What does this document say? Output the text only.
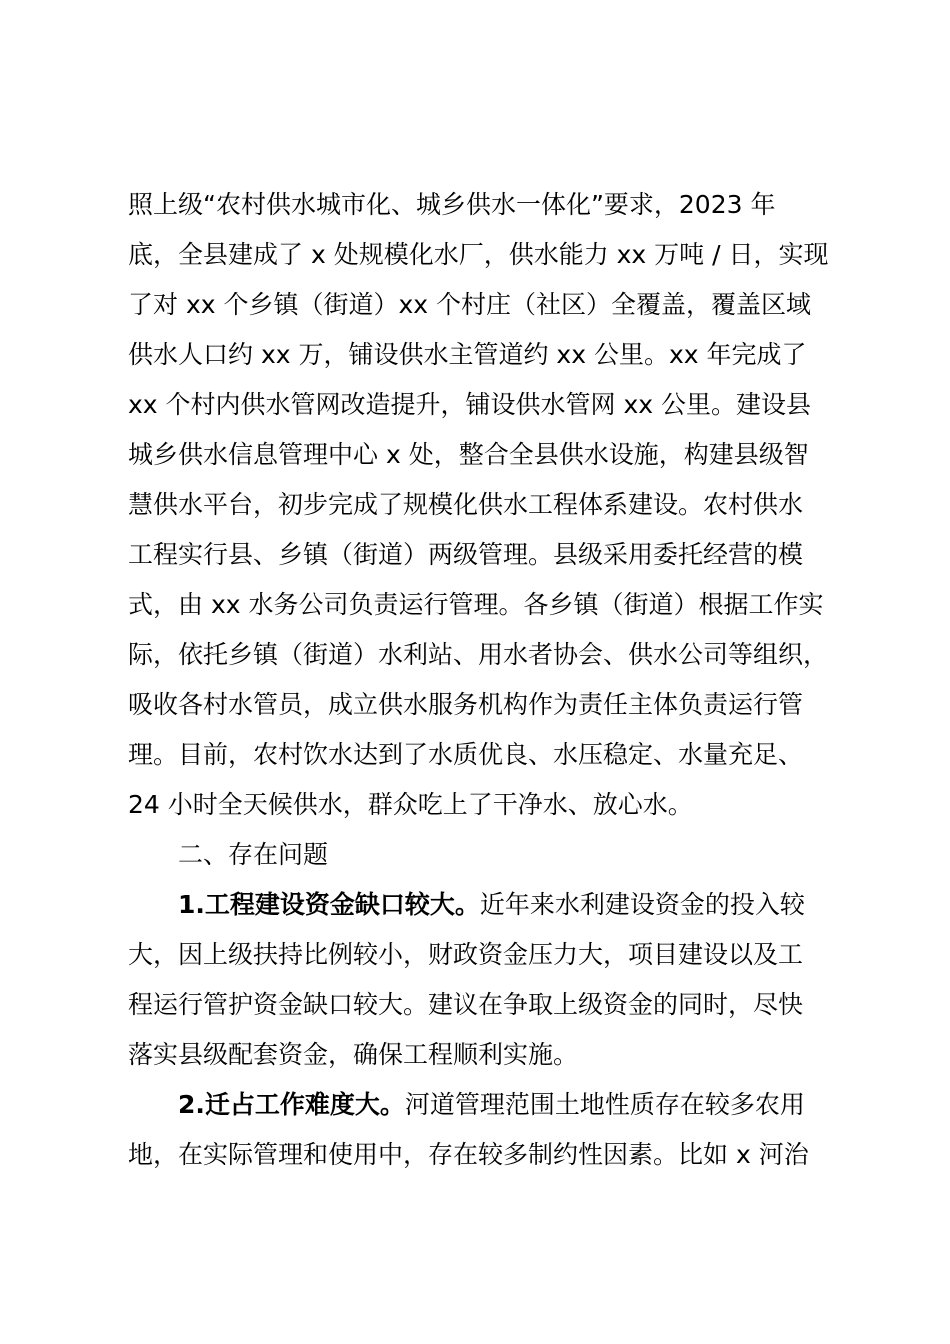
照上级“农村供水城市化、城乡供水一体化”要求，2023 年
底，全县建成了 x 处规模化水厂，供水能力 xx 万吨 / 日，实现
了对 xx 个乡镇（街道）xx 个村庄（社区）全覆盖，覆盖区域
供水人口约 xx 万，铺设供水主管道约 xx 公里。xx 年完成了
xx 个村内供水管网改造提升，铺设供水管网 xx 公里。建设县
城乡供水信息管理中心 x 处，整合全县供水设施，构建县级智
慧供水平台，初步完成了规模化供水工程体系建设。农村供水
工程实行县、乡镇（街道）两级管理。县级采用委托经营的模
式，由 xx 水务公司负责运行管理。各乡镇（街道）根据工作实
际，依托乡镇（街道）水利站、用水者协会、供水公司等组织，
吸收各村水管员，成立供水服务机构作为责任主体负责运行管
理。目前，农村饮水达到了水质优良、水压稳定、水量充足、
24 小时全天候供水，群众吃上了干净水、放心水。

二、存在问题

1.工程建设资金缺口较大。近年来水利建设资金的投入较

大，因上级扶持比例较小，财政资金压力大，项目建设以及工
程运行管护资金缺口较大。建议在争取上级资金的同时，尽快
落实县级配套资金，确保工程顺利实施。

2.迁占工作难度大。河道管理范围土地性质存在较多农用

地，在实际管理和使用中，存在较多制约性因素。比如 x 河治
